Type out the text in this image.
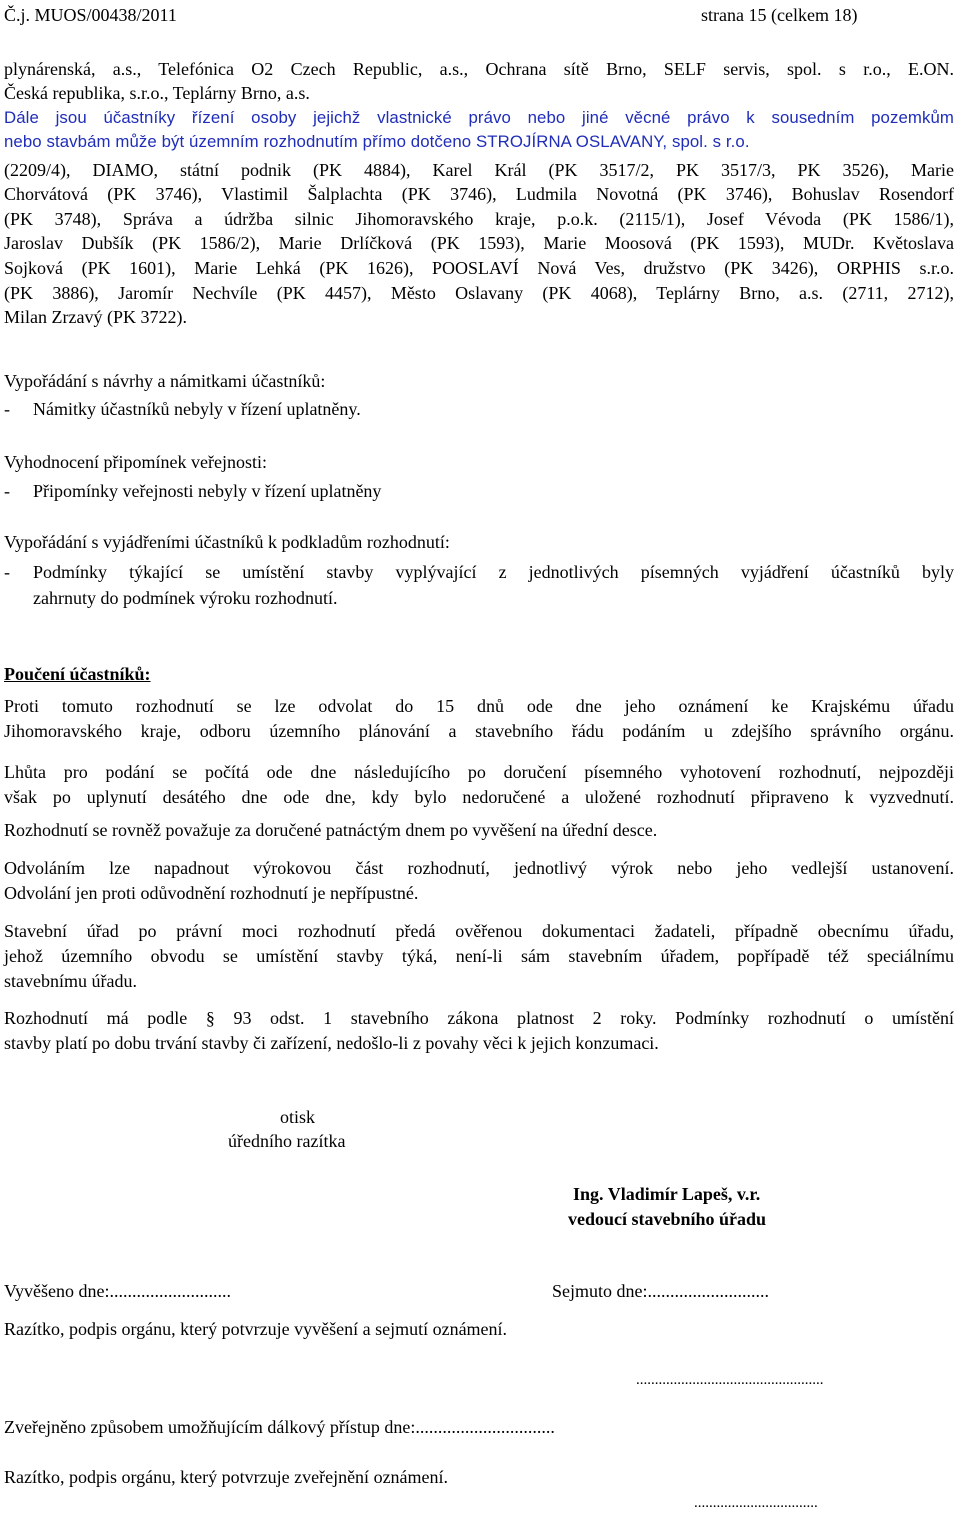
Č.j. MUOS/00438/2011	strana 15 (celkem 18)
plynárenská, a.s., Telefónica O2 Czech Republic, a.s., Ochrana sítě Brno, SELF servis, spol. s r.o., E.ON.
Česká republika, s.r.o., Teplárny Brno, a.s.
Dále jsou účastníky řízení osoby jejichž vlastnické právo nebo jiné věcné právo k sousedním pozemkům
nebo stavbám může být územním rozhodnutím přímo dotčeno STROJÍRNA OSLAVANY, spol. s r.o.
(2209/4), DIAMO, státní podnik (PK 4884), Karel Král (PK 3517/2, PK 3517/3, PK 3526), Marie
Chorvátová (PK 3746), Vlastimil Šalplachta (PK 3746), Ludmila Novotná (PK 3746), Bohuslav Rosendorf
(PK 3748), Správa a údržba silnic Jihomoravského kraje, p.o.k. (2115/1), Josef Vévoda (PK 1586/1),
Jaroslav Dubšík (PK 1586/2), Marie Drlíčková (PK 1593), Marie Moosová (PK 1593), MUDr. Květoslava
Sojková (PK 1601), Marie Lehká (PK 1626), POOSLAVÍ Nová Ves, družstvo (PK 3426), ORPHIS s.r.o.
(PK 3886), Jaromír Nechvíle (PK 4457), Město Oslavany (PK 4068), Teplárny Brno, a.s. (2711, 2712),
Milan Zrzavý (PK 3722).
Vypořádání s návrhy a námitkami účastníků:
- Námitky účastníků nebyly v řízení uplatněny.
Vyhodnocení připomínek veřejnosti:
- Připomínky veřejnosti nebyly v řízení uplatněny
Vypořádání s vyjádřeními účastníků k podkladům rozhodnutí:
- Podmínky týkající se umístění stavby vyplývající z jednotlivých písemných vyjádření účastníků byly
zahrnuty do podmínek výroku rozhodnutí.
Poučení účastníků:
Proti tomuto rozhodnutí se lze odvolat do 15 dnů ode dne jeho oznámení ke Krajskému úřadu
Jihomoravského kraje, odboru územního plánování a stavebního řádu podáním u zdejšího správního orgánu.
Lhůta pro podání se počítá ode dne následujícího po doručení písemného vyhotovení rozhodnutí, nejpozději
však po uplynutí desátého dne ode dne, kdy bylo nedoručené a uložené rozhodnutí připraveno k vyzvednutí.
Rozhodnutí se rovněž považuje za doručené patnáctým dnem po vyvěšení na úřední desce.
Odvoláním lze napadnout výrokovou část rozhodnutí, jednotlivý výrok nebo jeho vedlejší ustanovení.
Odvolání jen proti odůvodnění rozhodnutí je nepřípustné.
Stavební úřad po právní moci rozhodnutí předá ověřenou dokumentaci žadateli, případně obecnímu úřadu,
jehož územního obvodu se umístění stavby týká, není-li sám stavebním úřadem, popřípadě též speciálnímu
stavebnímu úřadu.
Rozhodnutí má podle § 93 odst. 1 stavebního zákona platnost 2 roky. Podmínky rozhodnutí o umístění
stavby platí po dobu trvání stavby či zařízení, nedošlo-li z povahy věci k jejich konzumaci.
otisk
úředního razítka
Ing. Vladimír Lapeš, v.r.
vedoucí stavebního úřadu
Vyvěšeno dne:...........................	Sejmuto dne:...........................
Razítko, podpis orgánu, který potvrzuje vyvěšení a sejmutí oznámení.
..................................................
Zveřejněno způsobem umožňujícím dálkový přístup dne:...............................
Razítko, podpis orgánu, který potvrzuje zveřejnění oznámení.
.................................
